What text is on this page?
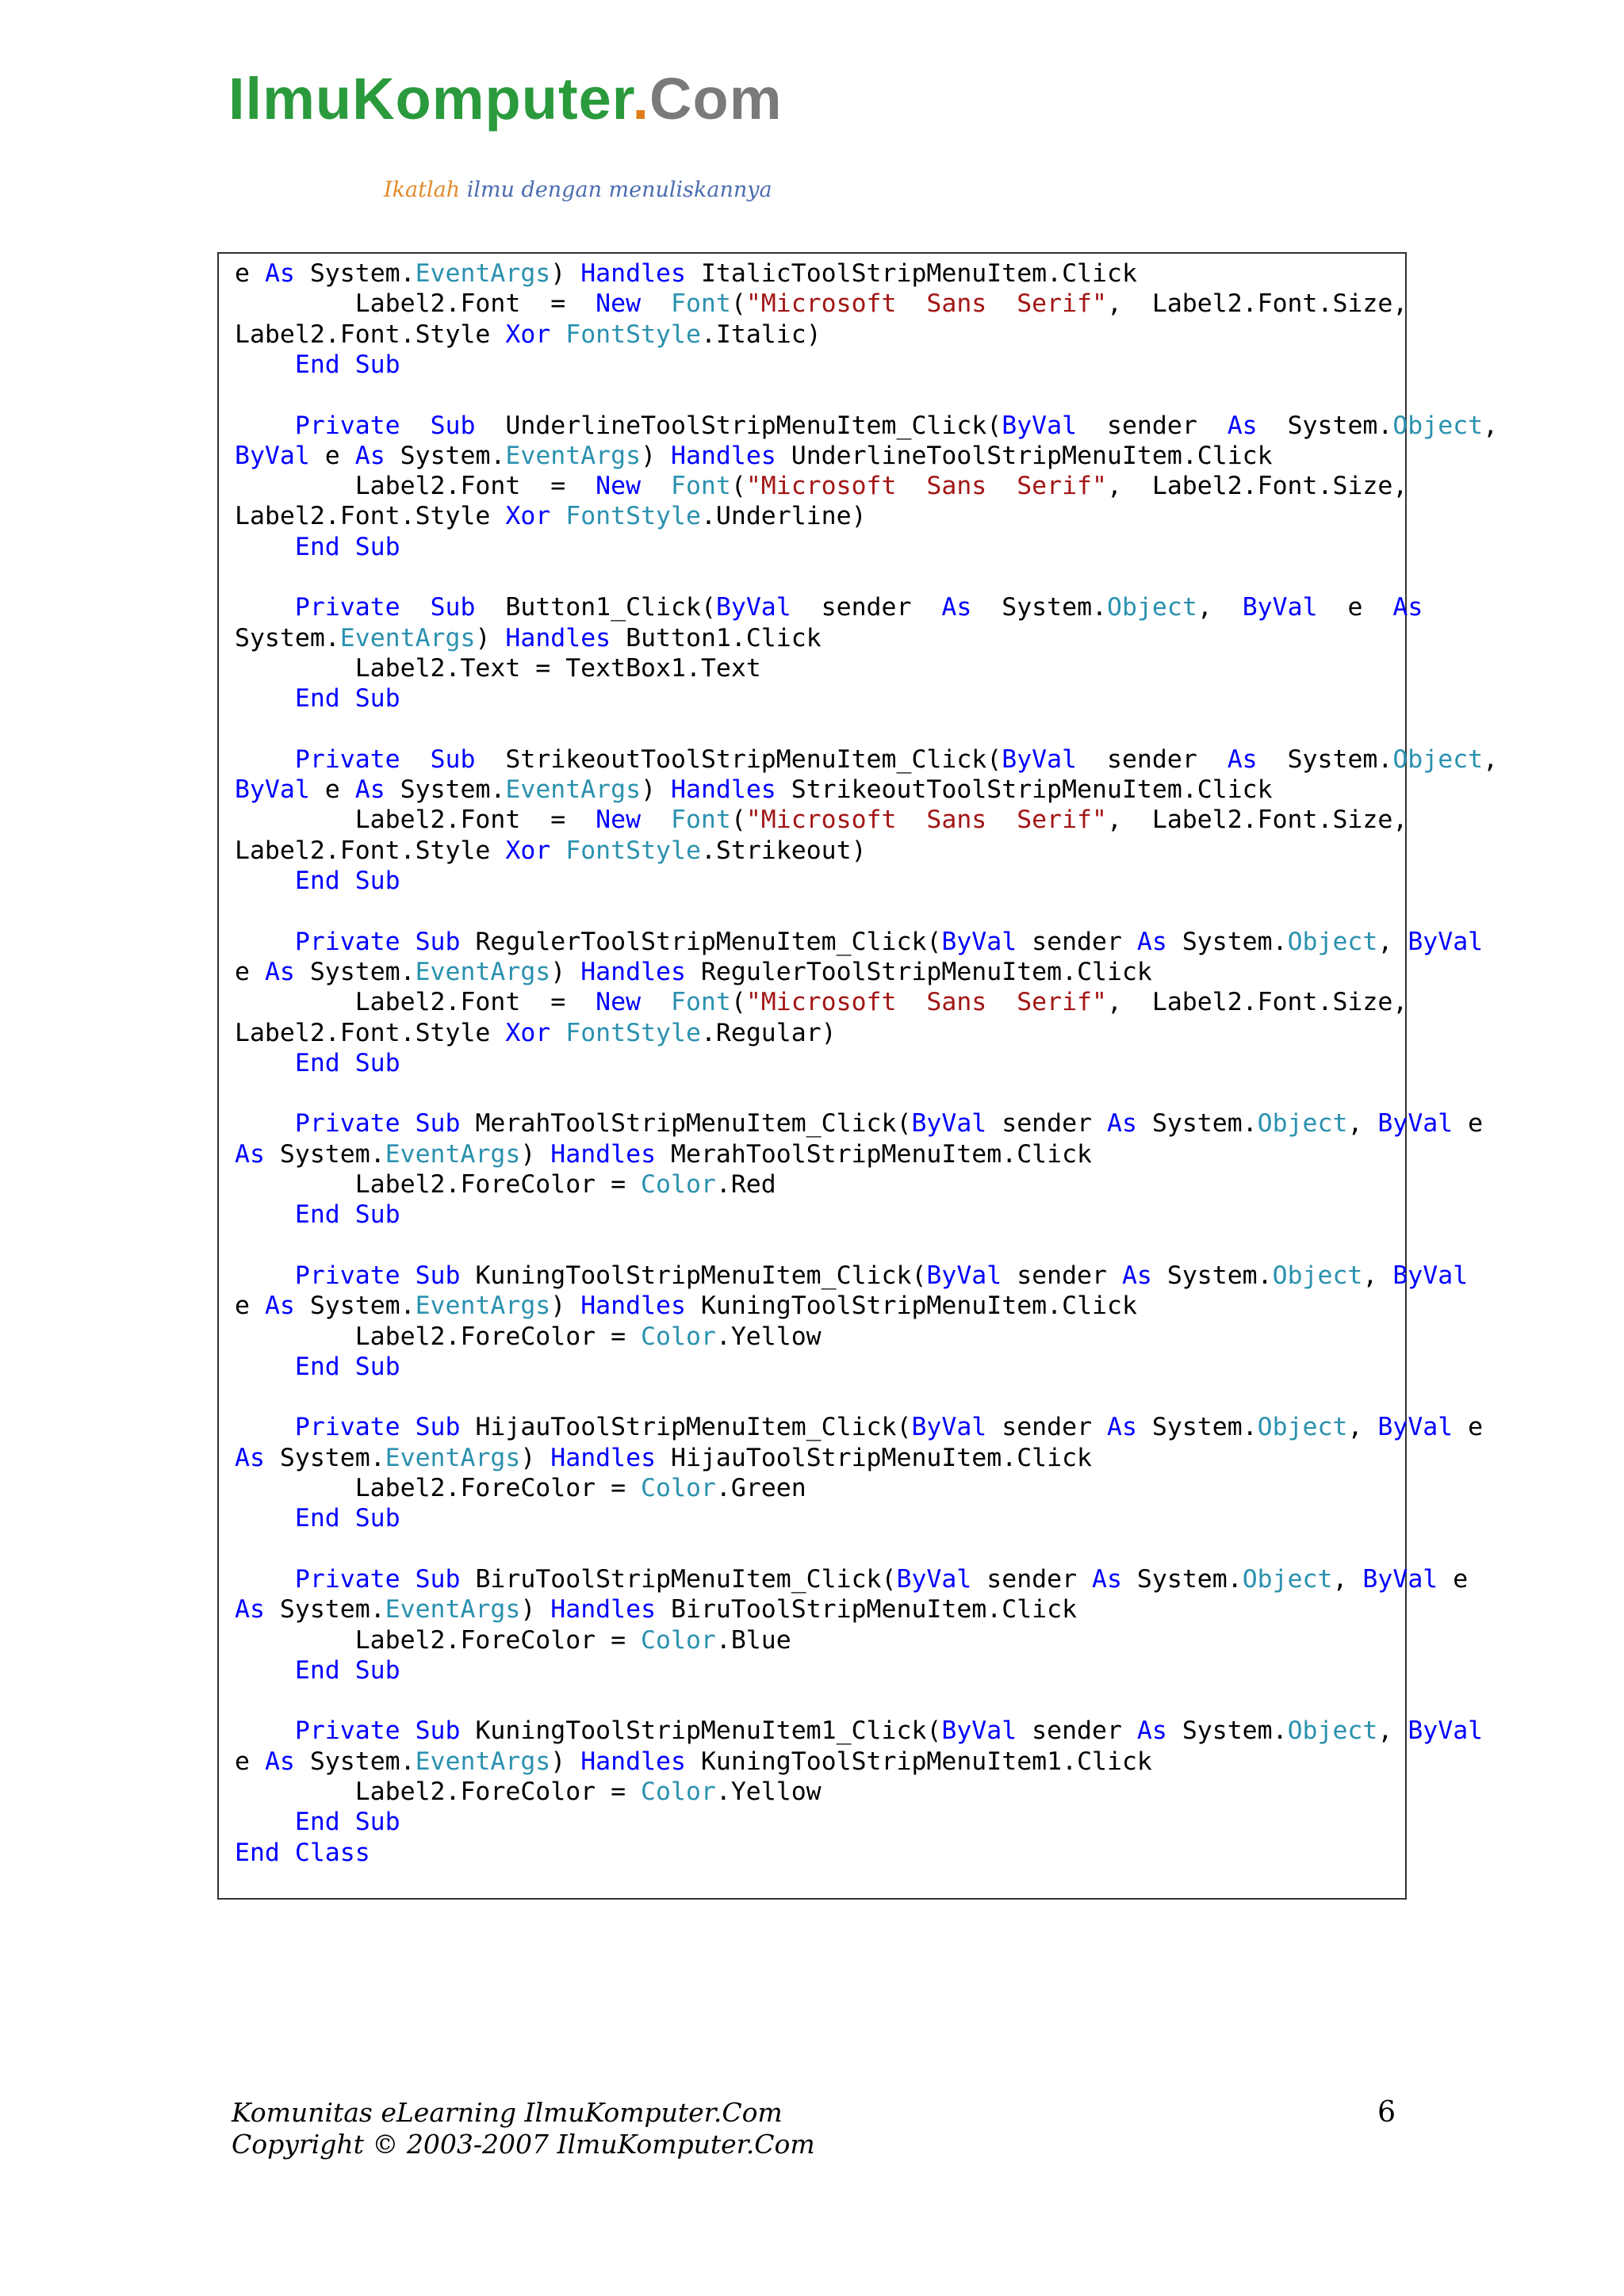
IlmuKomputer.Com
Ikatlah ilmu dengan menuliskannya
e As System.EventArgs) Handles ItalicToolStripMenuItem.Click
Label2.Font  =  New Font("Microsoft  Sans  Serif",  Label2.Font.Size,
Label2.Font.Style Xor FontStyle.Italic)
End Sub
Private Sub  UnderlineToolStripMenuItem_Click(ByVal  sender  As  System.Object,
ByVal e As System.EventArgs) Handles UnderlineToolStripMenuItem.Click
Label2.Font  =  New Font("Microsoft  Sans  Serif",  Label2.Font.Size,
Label2.Font.Style Xor FontStyle.Underline)
End Sub
Private Sub  Button1_Click(ByVal  sender  As  System.Object,  ByVal  e  As
System.EventArgs) Handles Button1.Click
Label2.Text = TextBox1.Text
End Sub
Private Sub  StrikeoutToolStripMenuItem_Click(ByVal  sender  As  System.Object,
ByVal e As System.EventArgs) Handles StrikeoutToolStripMenuItem.Click
Label2.Font  =  New Font("Microsoft  Sans  Serif",  Label2.Font.Size,
Label2.Font.Style Xor FontStyle.Strikeout)
End Sub
Private Sub RegulerToolStripMenuItem_Click(ByVal sender As System.Object, ByVal
e As System.EventArgs) Handles RegulerToolStripMenuItem.Click
Label2.Font  =  New Font("Microsoft  Sans  Serif",  Label2.Font.Size,
Label2.Font.Style Xor FontStyle.Regular)
End Sub
Private Sub MerahToolStripMenuItem_Click(ByVal sender As System.Object, ByVal e
As System.EventArgs) Handles MerahToolStripMenuItem.Click
Label2.ForeColor = Color.Red
End Sub
Private Sub KuningToolStripMenuItem_Click(ByVal sender As System.Object, ByVal
e As System.EventArgs) Handles KuningToolStripMenuItem.Click
Label2.ForeColor = Color.Yellow
End Sub
Private Sub HijauToolStripMenuItem_Click(ByVal sender As System.Object, ByVal e
As System.EventArgs) Handles HijauToolStripMenuItem.Click
Label2.ForeColor = Color.Green
End Sub
Private Sub BiruToolStripMenuItem_Click(ByVal sender As System.Object, ByVal e
As System.EventArgs) Handles BiruToolStripMenuItem.Click
Label2.ForeColor = Color.Blue
End Sub
Private Sub KuningToolStripMenuItem1_Click(ByVal sender As System.Object, ByVal
e As System.EventArgs) Handles KuningToolStripMenuItem1.Click
Label2.ForeColor = Color.Yellow
End Sub
End Class
Komunitas eLearning IlmuKomputer.Com
Copyright © 2003-2007 IlmuKomputer.Com
6
